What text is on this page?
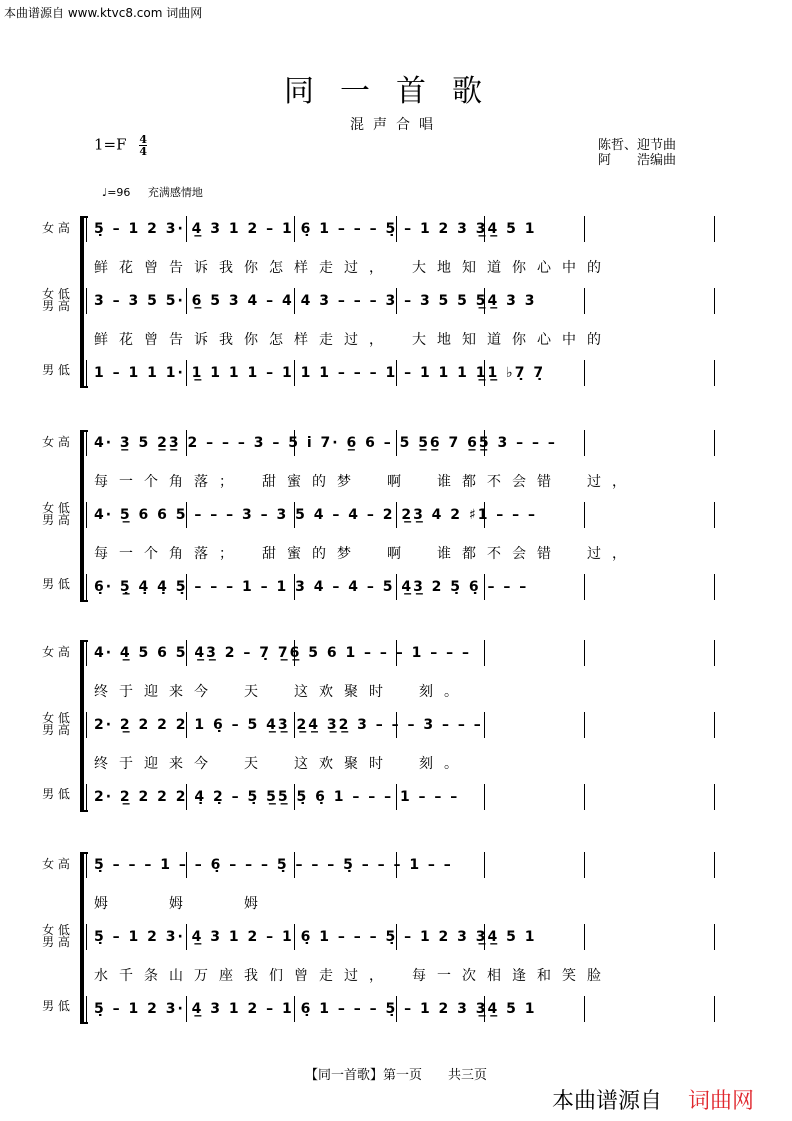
本曲谱源自 www.ktvc8.com 词曲网
同一首歌
混声合唱
$1=F \frac{4}{4}$	陈哲、迎节曲
阿　　浩编曲
♩=96 充满感情地
女 高
女 低
男 高
男 低
5̣ – 1 2 3· 4̲ 3 1 2 – 1 6̣ 1 – – – 5̣ – 1 2 3 3̲4̲ 5 1
鲜花曾告诉我你怎样走过，　大地知道你心中的
3 – 3 5 5· 6̲ 5 3 4 – 4 4 3 – – – 3 – 3 5 5 5̲4̲ 3 3
鲜花曾告诉我你怎样走过，　大地知道你心中的
1 – 1 1 1· 1̲ 1 1 1 – 1 1 1 – – – 1 – 1 1 1 1̲1̲ ♭7̣ 7̣
女 高
女 低
男 高
男 低
4· 3̲ 5 2̲3̲ 2 – – – 3 – 5 i 7· 6̲ 6 – 5 5̲6̲ 7 6̲5̲ 3 – – –
每一个角落；　甜蜜的梦　啊　谁都不会错　过，
4· 5̲ 6 6 5 – – – 3 – 3 5 4 – 4 – 2 2̲3̲ 4 2 ♯1 – – –
每一个角落；　甜蜜的梦　啊　谁都不会错　过，
6̣· 5̣̲ 4̣ 4̣ 5̣ – – – 1 – 1 3 4 – 4 – 5 4̲3̲ 2 5̣ 6̣ – – –
女 高
女 低
男 高
男 低
4· 4̲ 5 6 5 4̲3̲ 2 – 7̣ 7̲6̲ 5 6 1 – – – 1 – – –
终于迎来今　天　这欢聚时　刻。
2· 2̲ 2 2 2 1 6̣ – 5 4̲3̲ 2̲4̲ 3̲2̲ 3 – – – 3 – – –
终于迎来今　天　这欢聚时　刻。
2· 2̲ 2 2 2 4̣ 2̣ – 5̣ 5̲5̲ 5̣ 6̣ 1 – – – 1 – – –
女 高
女 低
男 高
男 低
5̣ – – – 1 – – 6̣ – – – 5̣ – – – 5̣ – – – 1 – –
姆　　姆　　姆
5̣ – 1 2 3· 4̲ 3 1 2 – 1 6̣ 1 – – – 5̣ – 1 2 3 3̲4̲ 5 1
水千条山万座我们曾走过，　每一次相逢和笑脸
5̣ – 1 2 3· 4̲ 3 1 2 – 1 6̣ 1 – – – 5̣ – 1 2 3 3̲4̲ 5 1
【同一首歌】第一页　　共三页
本曲谱源自 词曲网
